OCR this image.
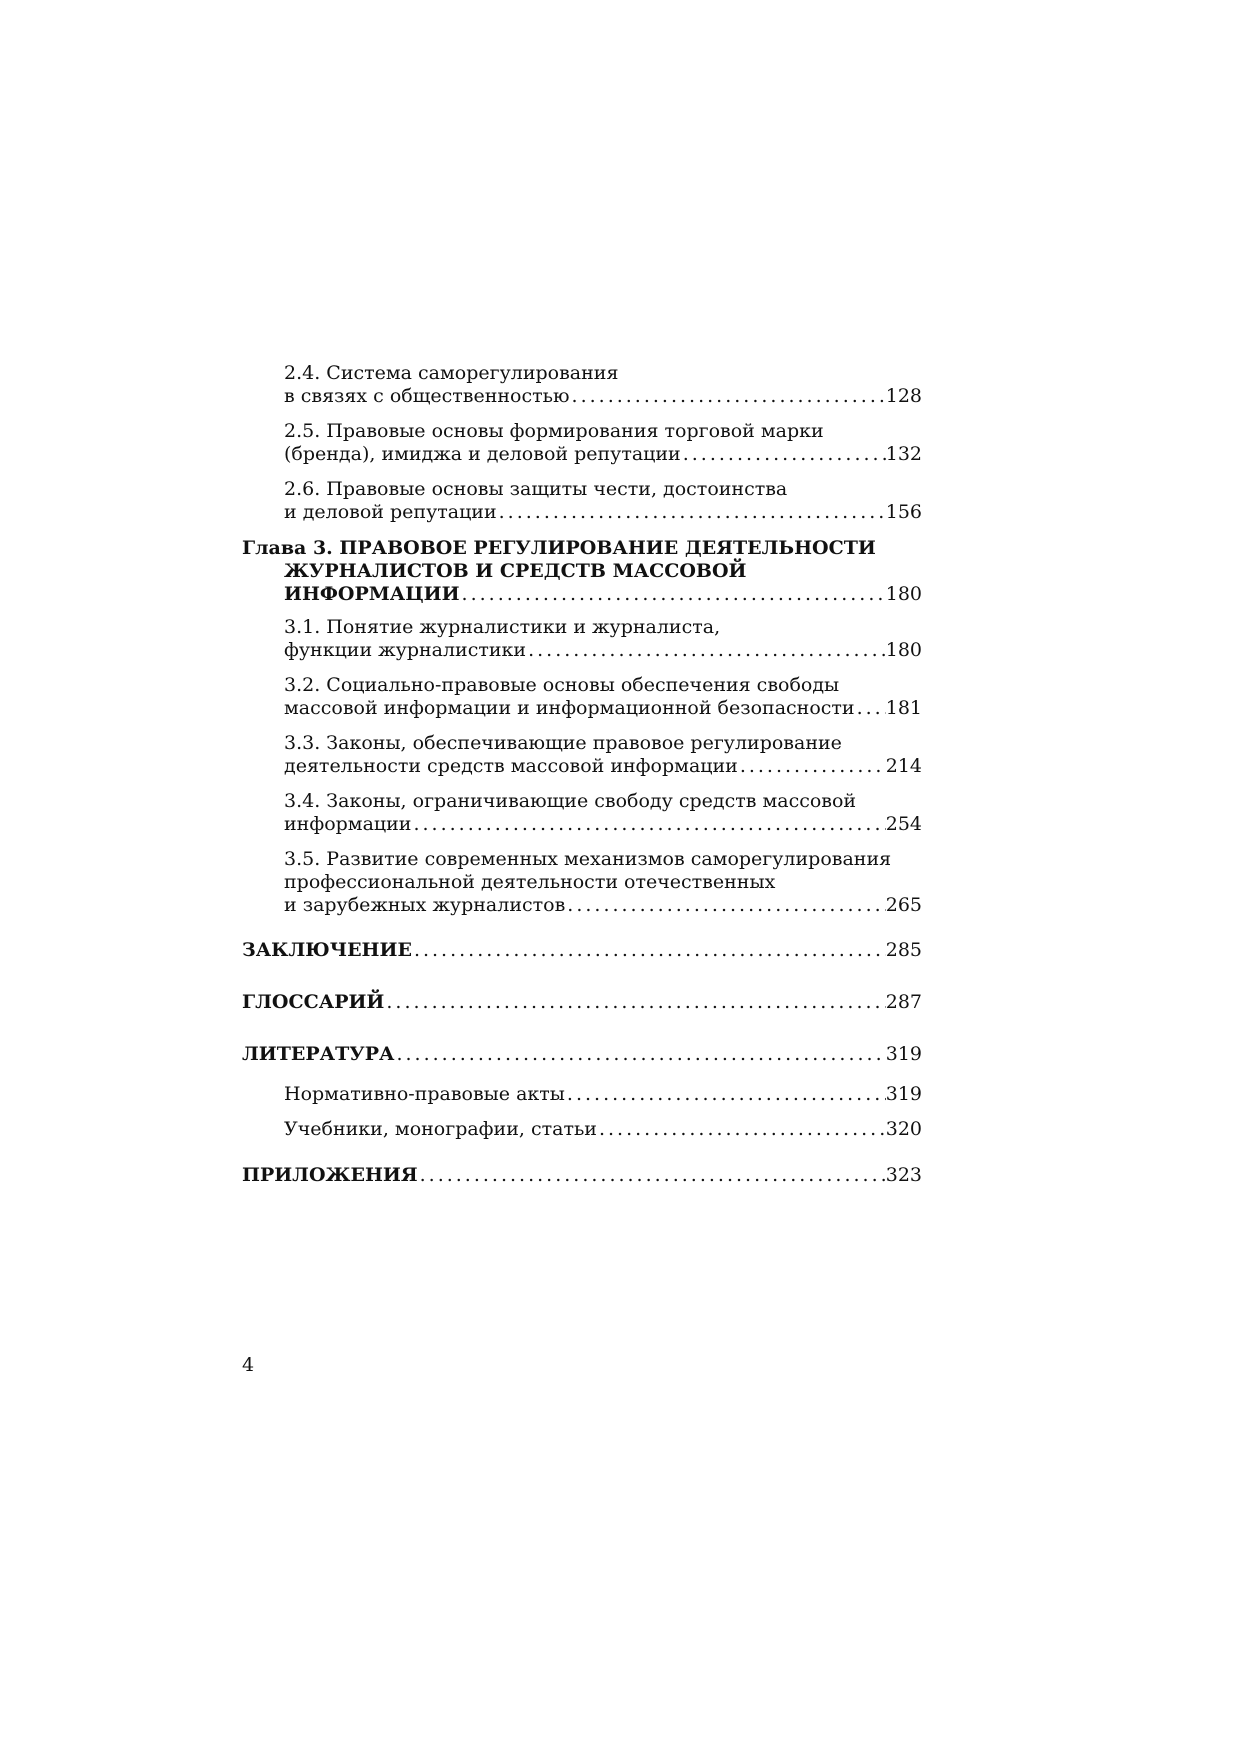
2.4. Система саморегулирования
в связях с общественностью .....	128
2.5. Правовые основы формирования торговой марки
(бренда), имиджа и деловой репутации .....	132
2.6. Правовые основы защиты чести, достоинства
и деловой репутации .....	156
Глава 3. ПРАВОВОЕ РЕГУЛИРОВАНИЕ ДЕЯТЕЛЬНОСТИ
ЖУРНАЛИСТОВ И СРЕДСТВ МАССОВОЙ
ИНФОРМАЦИИ .....	180
3.1. Понятие журналистики и журналиста,
функции журналистики .....	180
3.2. Социально-правовые основы обеспечения свободы
массовой информации и информационной безопасности ..... 181
3.3. Законы, обеспечивающие правовое регулирование
деятельности средств массовой информации .....	214
3.4. Законы, ограничивающие свободу средств массовой
информации .....	254
3.5. Развитие современных механизмов саморегулирования
профессиональной деятельности отечественных
и зарубежных журналистов .....	265
ЗАКЛЮЧЕНИЕ .....	285
ГЛОССАРИЙ .....	287
ЛИТЕРАТУРА .....	319
Нормативно-правовые акты .....	319
Учебники, монографии, статьи .....	320
ПРИЛОЖЕНИЯ .....	323
4
